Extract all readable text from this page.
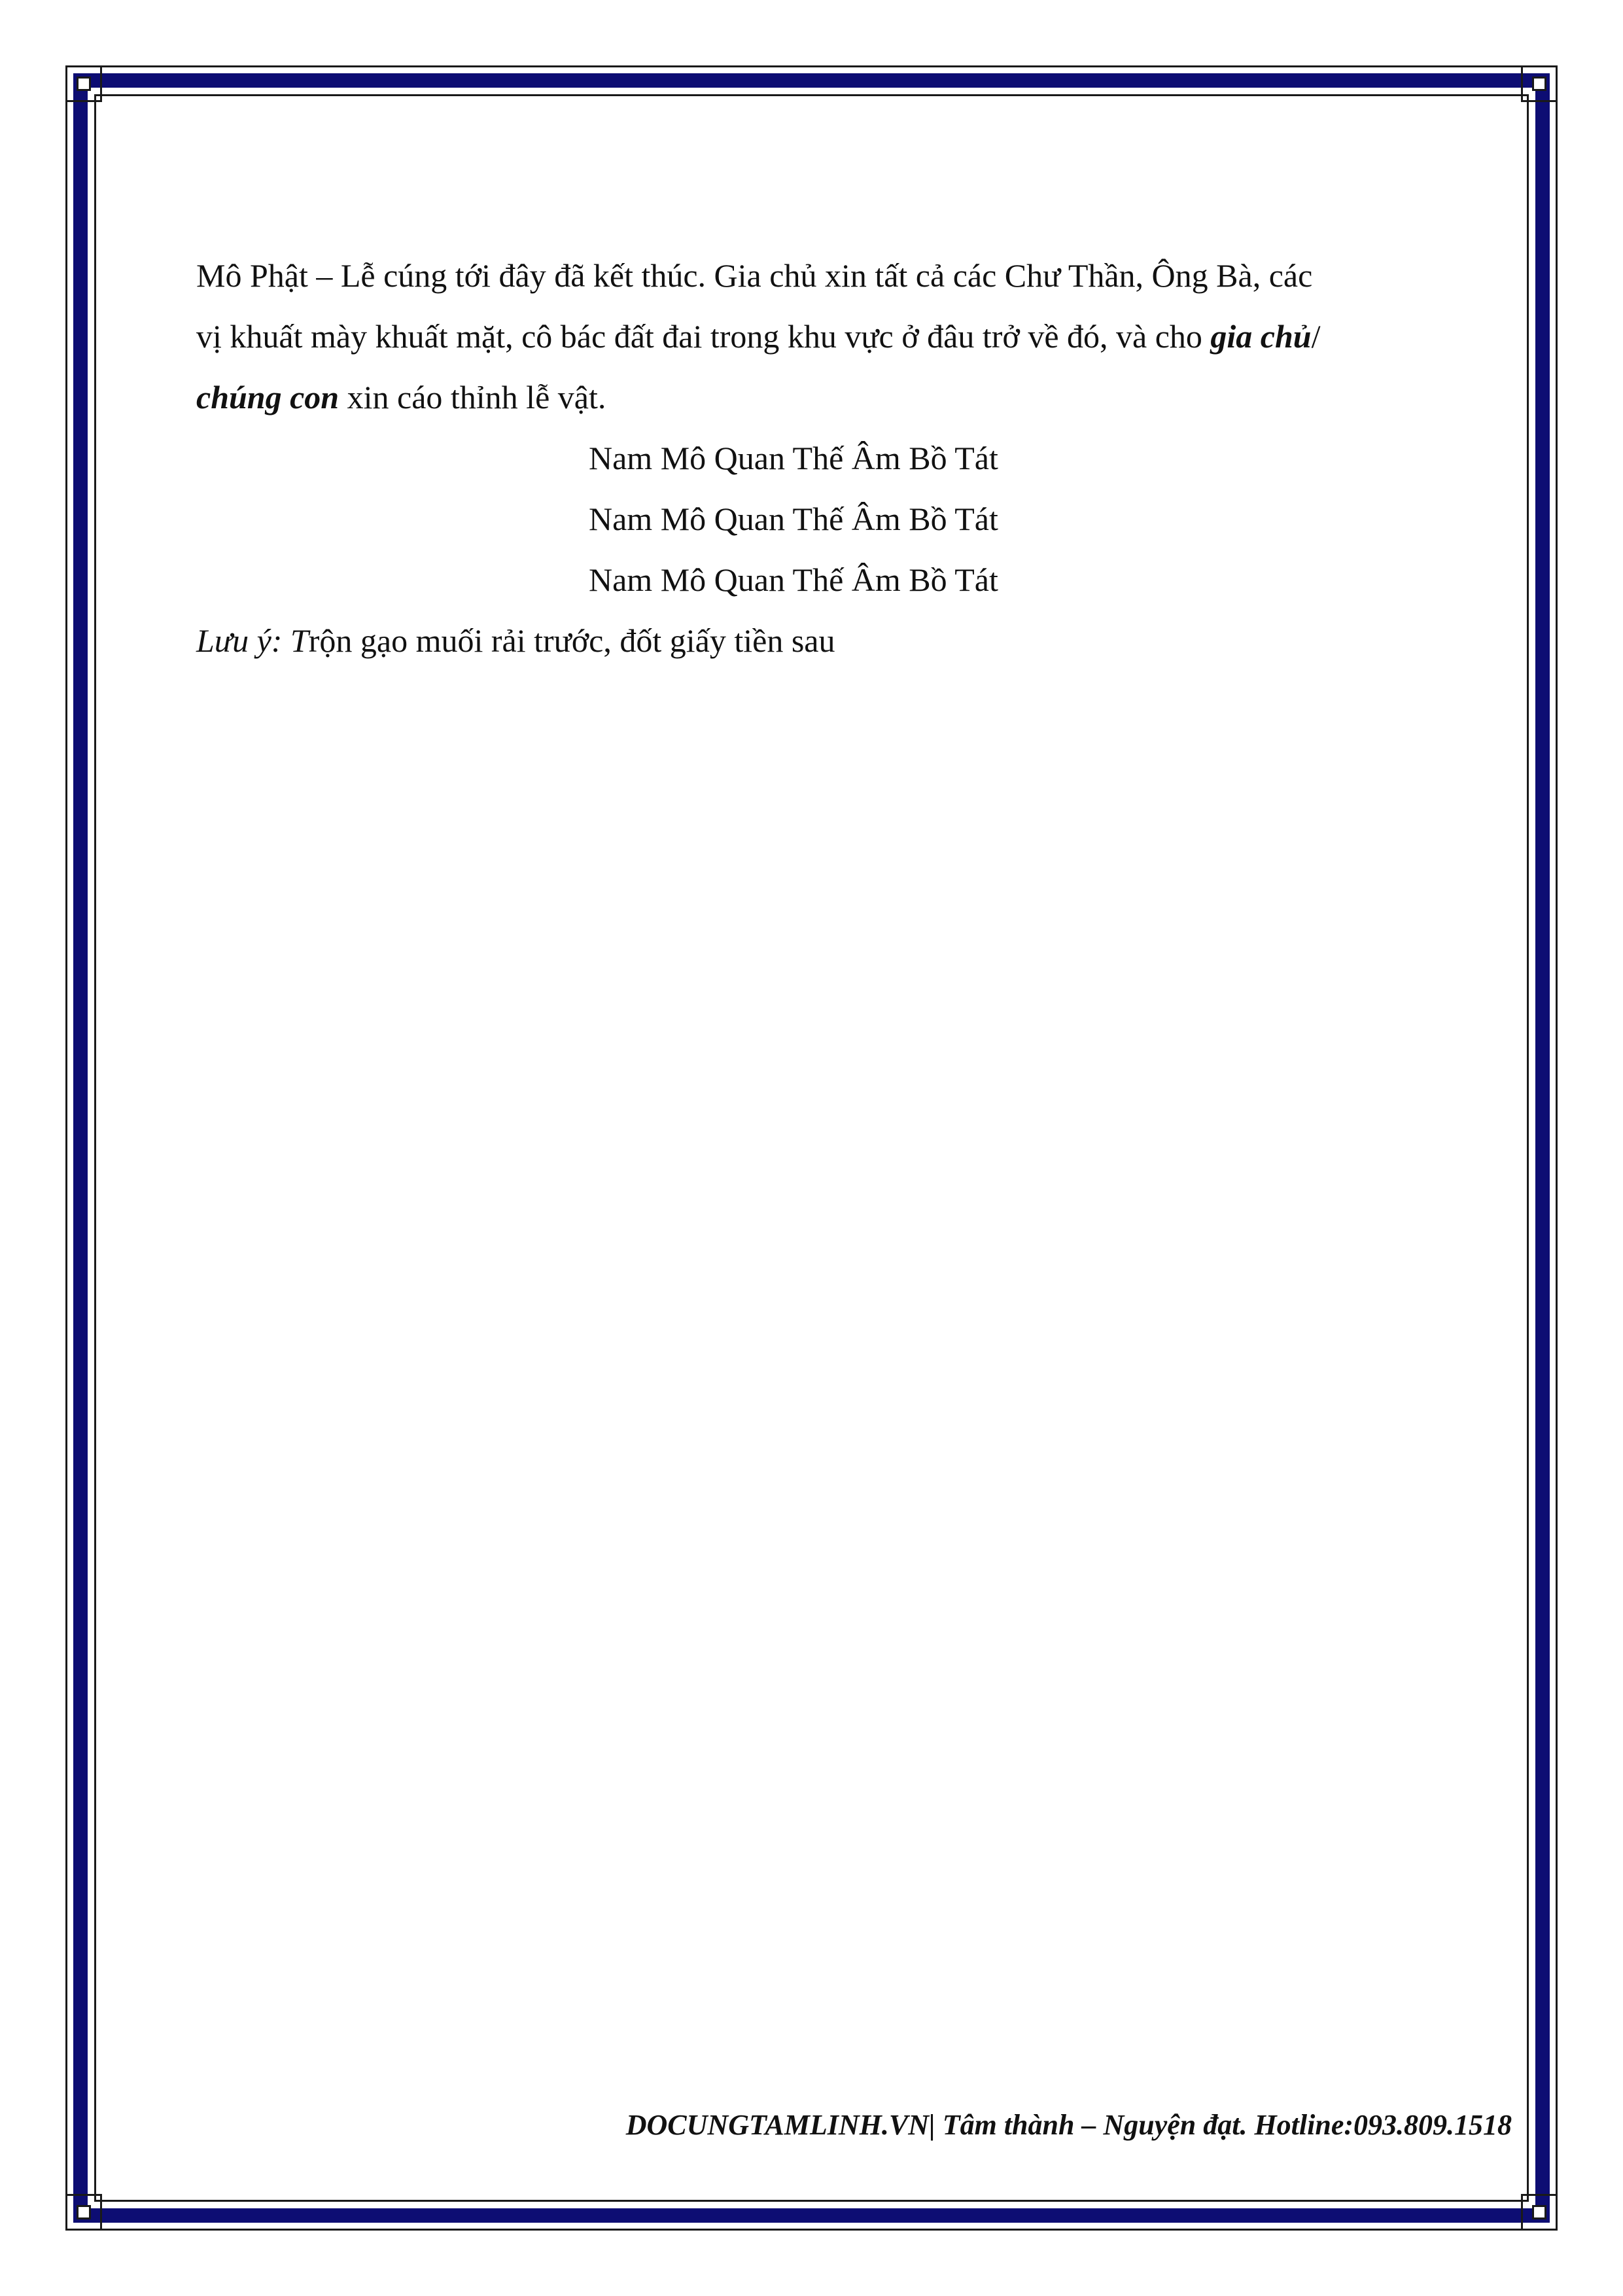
Mô Phật – Lễ cúng tới đây đã kết thúc. Gia chủ xin tất cả các Chư Thần, Ông Bà, các

vị khuất mày khuất mặt, cô bác đất đai trong khu vực ở đâu trở về đó, và cho gia chủ/

chúng con xin cáo thỉnh lễ vật.

Nam Mô Quan Thế Âm Bồ Tát

Nam Mô Quan Thế Âm Bồ Tát

Nam Mô Quan Thế Âm Bồ Tát

Lưu ý: Trộn gạo muối rải trước, đốt giấy tiền sau

DOCUNGTAMLINH.VN| Tâm thành – Nguyện đạt. Hotline:093.809.1518
